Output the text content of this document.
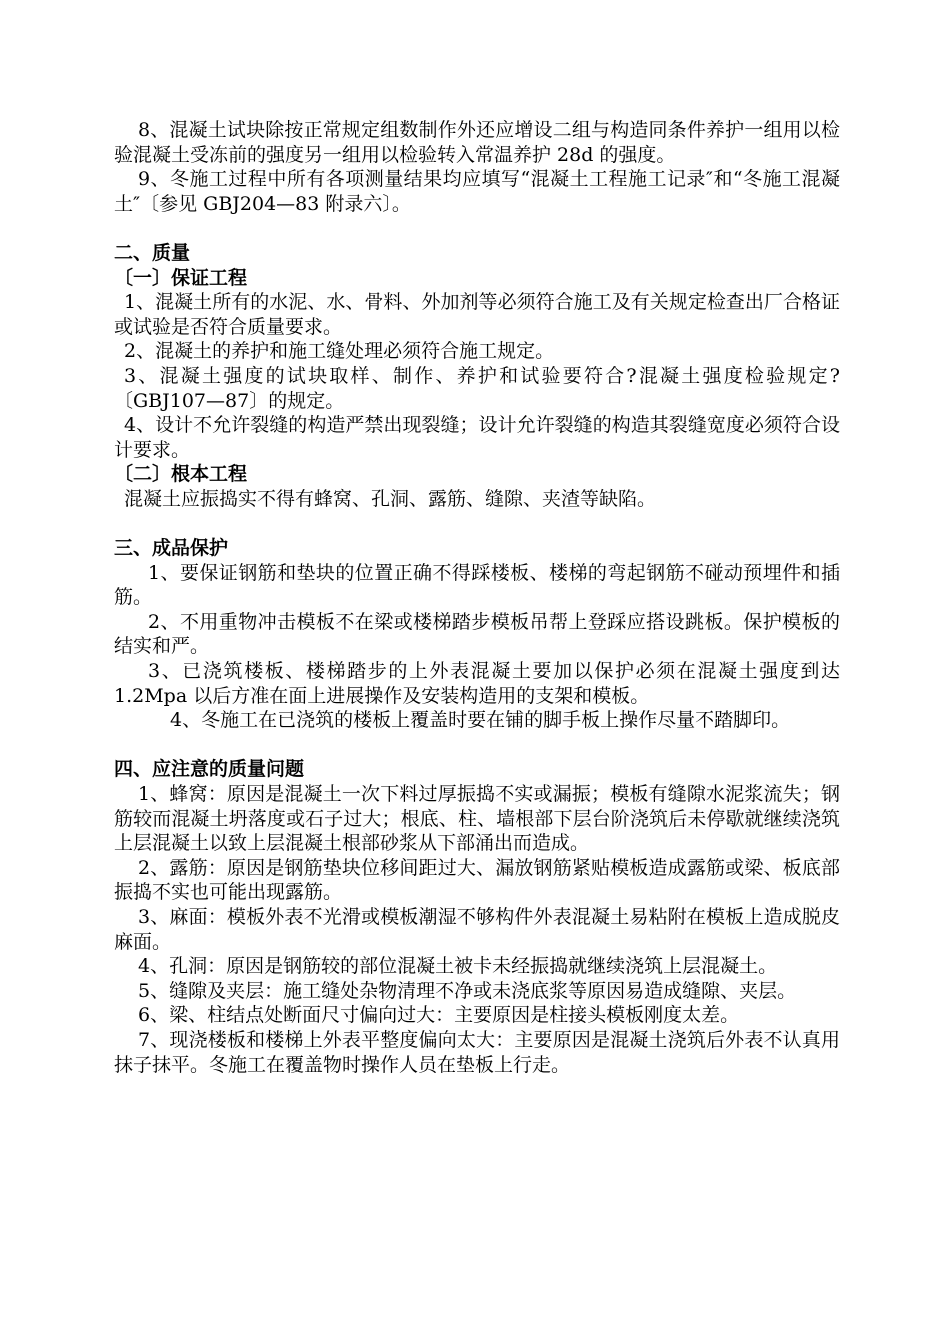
8、混凝土试块除按正常规定组数制作外还应增设二组与构造同条件养护一组用以检验混凝土受冻前的强度另一组用以检验转入常温养护 28d 的强度。

9、冬施工过程中所有各项测量结果均应填写“混凝土工程施工记录″和“冬施工混凝土″〔参见 GBJ204—83 附录六〕。

二、质量

〔一〕保证工程

1、混凝土所有的水泥、水、骨料、外加剂等必须符合施工及有关规定检查出厂合格证或试验是否符合质量要求。

2、混凝土的养护和施工缝处理必须符合施工规定。

3、混凝土强度的试块取样、制作、养护和试验要符合?混凝土强度检验规定?〔GBJ107—87〕的规定。

4、设计不允许裂缝的构造严禁出现裂缝；设计允许裂缝的构造其裂缝宽度必须符合设计要求。

〔二〕根本工程

混凝土应振捣实不得有蜂窝、孔洞、露筋、缝隙、夹渣等缺陷。

三、成品保护

1、要保证钢筋和垫块的位置正确不得踩楼板、楼梯的弯起钢筋不碰动预埋件和插筋。

2、不用重物冲击模板不在梁或楼梯踏步模板吊帮上登踩应搭设跳板。保护模板的结实和严。

3、已浇筑楼板、楼梯踏步的上外表混凝土要加以保护必须在混凝土强度到达 1.2Mpa 以后方准在面上进展操作及安装构造用的支架和模板。

4、冬施工在已浇筑的楼板上覆盖时要在铺的脚手板上操作尽量不踏脚印。

四、应注意的质量问题

1、蜂窝：原因是混凝土一次下料过厚振捣不实或漏振；模板有缝隙水泥浆流失；钢筋较而混凝土坍落度或石子过大；根底、柱、墙根部下层台阶浇筑后未停歇就继续浇筑上层混凝土以致上层混凝土根部砂浆从下部涌出而造成。

2、露筋：原因是钢筋垫块位移间距过大、漏放钢筋紧贴模板造成露筋或梁、板底部振捣不实也可能出现露筋。

3、麻面：模板外表不光滑或模板潮湿不够构件外表混凝土易粘附在模板上造成脱皮麻面。

4、孔洞：原因是钢筋较的部位混凝土被卡未经振捣就继续浇筑上层混凝土。

5、缝隙及夹层：施工缝处杂物清理不净或未浇底浆等原因易造成缝隙、夹层。

6、梁、柱结点处断面尺寸偏向过大：主要原因是柱接头模板刚度太差。

7、现浇楼板和楼梯上外表平整度偏向太大：主要原因是混凝土浇筑后外表不认真用抹子抹平。冬施工在覆盖物时操作人员在垫板上行走。
